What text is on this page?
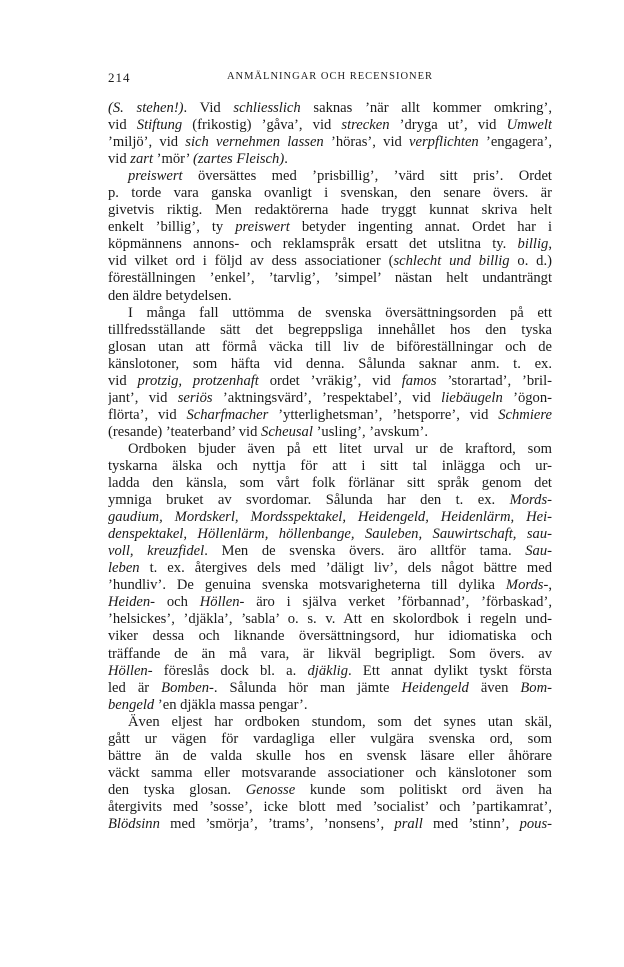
214	ANMÄLNINGAR OCH RECENSIONER
(S. stehen!). Vid schliesslich saknas ’när allt kommer omkring’,
vid Stiftung (frikostig) ’gåva’, vid strecken ’dryga ut’, vid Umwelt
’miljö’, vid sich vernehmen lassen ’höras’, vid verpflichten ’engagera’,
vid zart ’mör’ (zartes Fleisch).
preiswert översättes med ’prisbillig’, ’värd sitt pris’. Ordet
p. torde vara ganska ovanligt i svenskan, den senare övers. är
givetvis riktig. Men redaktörerna hade tryggt kunnat skriva helt
enkelt ’billig’, ty preiswert betyder ingenting annat. Ordet har i
köpmännens annons- och reklamspråk ersatt det utslitna ty. billig,
vid vilket ord i följd av dess associationer (schlecht und billig o. d.)
föreställningen ’enkel’, ’tarvlig’, ’simpel’ nästan helt undanträngt
den äldre betydelsen.
I många fall uttömma de svenska översättningsorden på ett
tillfredsställande sätt det begreppsliga innehållet hos den tyska
glosan utan att förmå väcka till liv de biföreställningar och de
känslotoner, som häfta vid denna. Sålunda saknar anm. t. ex.
vid protzig, protzenhaft ordet ’vräkig’, vid famos ’storartad’, ’bril-
jant’, vid seriös ’aktningsvärd’, ’respektabel’, vid liebäugeln ’ögon-
flörta’, vid Scharfmacher ’ytterlighetsman’, ’hetsporre’, vid Schmiere
(resande) ’teaterband’ vid Scheusal ’usling’, ’avskum’.
Ordboken bjuder även på ett litet urval ur de kraftord, som
tyskarna älska och nyttja för att i sitt tal inlägga och ur-
ladda den känsla, som vårt folk förlänar sitt språk genom det
ymniga bruket av svordomar. Sålunda har den t. ex. Mords-
gaudium, Mordskerl, Mordsspektakel, Heidengeld, Heidenlärm, Hei-
denspektakel, Höllenlärm, höllenbange, Sauleben, Sauwirtschaft, sau-
voll, kreuzfidel. Men de svenska övers. äro alltför tama. Sau-
leben t. ex. återgives dels med ’däligt liv’, dels något bättre med
’hundliv’. De genuina svenska motsvarigheterna till dylika Mords-,
Heiden- och Höllen- äro i själva verket ’förbannad’, ’förbaskad’,
’helsickes’, ’djäkla’, ’sabla’ o. s. v. Att en skolordbok i regeln und-
viker dessa och liknande översättningsord, hur idiomatiska och
träffande de än må vara, är likväl begripligt. Som övers. av
Höllen- föreslås dock bl. a. djäklig. Ett annat dylikt tyskt första
led är Bomben-. Sålunda hör man jämte Heidengeld även Bom-
bengeld ’en djäkla massa pengar’.
Även eljest har ordboken stundom, som det synes utan skäl,
gått ur vägen för vardagliga eller vulgära svenska ord, som
bättre än de valda skulle hos en svensk läsare eller åhörare
väckt samma eller motsvarande associationer och känslotoner som
den tyska glosan. Genosse kunde som politiskt ord även ha
återgivits med ’sosse’, icke blott med ’socialist’ och ’partikamrat’,
Blödsinn med ’smörja’, ’trams’, ’nonsens’, prall med ’stinn’, pous-
